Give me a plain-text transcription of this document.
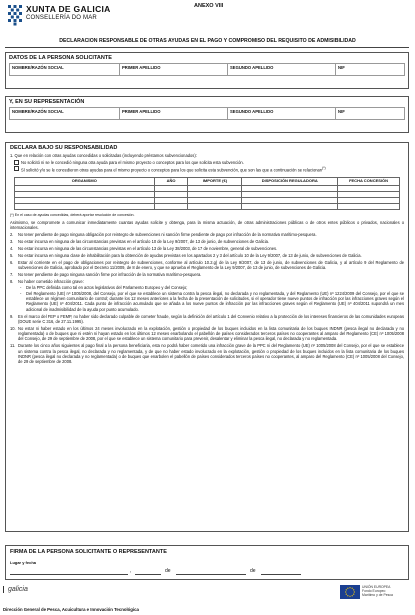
XUNTA DE GALICIA
CONSELLERÍA DO MAR
ANEXO VIII
DECLARACION RESPONSABLE DE OTRAS AYUDAS EN EL PAGO Y COMPROMISO DEL REQUISITO DE ADMISIBILIDAD
DATOS DE LA PERSONA SOLICITANTE
NOMBRE/RAZÓN SOCIAL	PRIMER APELLIDO	SEGUNDO APELLIDO	NIF
Y, EN SU REPRESENTACIÓN
NOMBRE/RAZÓN SOCIAL	PRIMER APELLIDO	SEGUNDO APELLIDO	NIF
DECLARA BAJO SU RESPONSABILIDAD
1. Que en relación con otras ayudas concedidas o solicitadas (incluyendo préstamos subvencionados):
No solicitó ni se le concedió ninguna otra ayuda para el mismo proyecto o conceptos para los que solicita esta subvención.
Sí solicitó y/o se le concedieron otras ayudas para el mismo proyecto o conceptos para los que solicita esta subvención, que son las que a continuación se relacionan(*)
ORGANISMO	AÑO	IMPORTE (€)	DISPOSICIÓN REGULADORA	FECHA CONCESIÓN

(*) En el caso de ayudas concedidas, deberá aportar resolución de concesión.
Asimismo, se compromete a comunicar inmediatamente cuantas ayudas solicite y obtenga, para la misma actuación, de otras administraciones públicas o de otros entes públicos o privados, nacionales o internacionales.
2.	No tener pendiente de pago ninguna obligación por reintegro de subvenciones ni sanción firme pendiente de pago por infracción de la normativa marítimo-pesquera.
3.	No estar incursa en ninguna de las circunstancias previstas en el artículo 10 de la Ley 9/2007, de 13 de junio, de subvenciones de Galicia.
4.	No estar incursa en ninguna de las circunstancias previstas en el artículo 13 de la Ley 38/2003, de 17 de noviembre, general de subvenciones.
5.	No estar incursa en ninguna clase de inhabilitación para la obtención de ayudas previstas en los apartados 2 y 3 del artículo 10 de la Ley 9/2007, de 13 de junio, de subvenciones de Galicia.
6.	Estar al corriente en el pago de obligaciones por reintegro de subvenciones, conforme al artículo 10.2.g) de la Ley 9/2007, de 13 de junio, de subvenciones de Galicia, y al artículo 9 del Reglamento de subvenciones de Galicia, aprobado por el Decreto 11/2009, de 8 de enero, y que se aprueba el Reglamento de la Ley 9/2007, de 13 de junio, de subvenciones de Galicia.
7.	No tener pendiente de pago ninguna sanción firme por infracción de la normativa marítimo-pesquera.
8.	No haber cometido infracción grave:
-	De la PPC definida como tal en actos legislativos del Parlamento Europeo y del Consejo;
-	Del Reglamento (UE) nº 1005/2008, del Consejo, por el que se establece un sistema contra la pesca ilegal, no declarada y no reglamentada, y del Reglamento (UE) nº 1224/2009 del Consejo, por el que se establece un régimen comunitario de control; durante los 12 meses anteriores a la fecha de la presentación de solicitudes, si el operador tiene nueve puntos de infracción por las infracciones graves según el Reglamento (UE) nº 404/2011. Cada punto de infracción acumulado que se añada a los nueve puntos de infracción por las infracciones graves según el Reglamento (UE) nº 404/2011 supondrá un mes adicional de inadmisibilidad de la ayuda por punto acumulado.
9.	En el marco del FEP o FEMP, no haber sido declarado culpable de cometer fraude, según la definición del artículo 1 del Convenio relativo a la protección de los intereses financieros de las comunidades europeas (DOUE serie C 316, de 27.11.1995).
10. No estar ni haber estado en los últimos 24 meses involucrado en la explotación, gestión o propiedad de los buques incluidos en la lista comunitaria de los buques INDNR (pesca ilegal no declarada y no reglamentada) o de buques que ni estén ni hayan estado en los últimos 12 meses enarbolando el pabellón de países considerados terceros países no cooperantes al amparo del Reglamento (CE) nº 1005/2008 del Consejo, de 29 de septiembre de 2008, por el que se establece un sistema comunitario para prevenir, desalentar y eliminar la pesca ilegal, no declarada y no reglamentada.
11. Durante los cinco años siguientes al pago final a la persona beneficiaria, esta no podrá haber cometido una infracción grave de la PPC ni del Reglamento (UE) nº 1005/2008 del Consejo, por el que se establece un sistema contra la pesca ilegal, no declarada y no reglamentada, y de que no haber estado involucrado en la explotación, gestión o propiedad de los buques incluidos en la lista comunitaria de los buques INDNR (pesca ilegal no declarada y no reglamentada) o de buques que enarbolen el pabellón de países considerados terceros países no cooperantes, al amparo del Reglamento (CE) nº 1005/2008 del Consejo, de 29 de septiembre de 2008.
FIRMA DE LA PERSONA SOLICITANTE O REPRESENTANTE
Lugar y fecha
,	de	de
galicia
Dirección General de Pesca, Acuicultura e Innovación Tecnológica
UNIÓN EUROPEA
Fondo Europeo
Marítimo y de Pesca
